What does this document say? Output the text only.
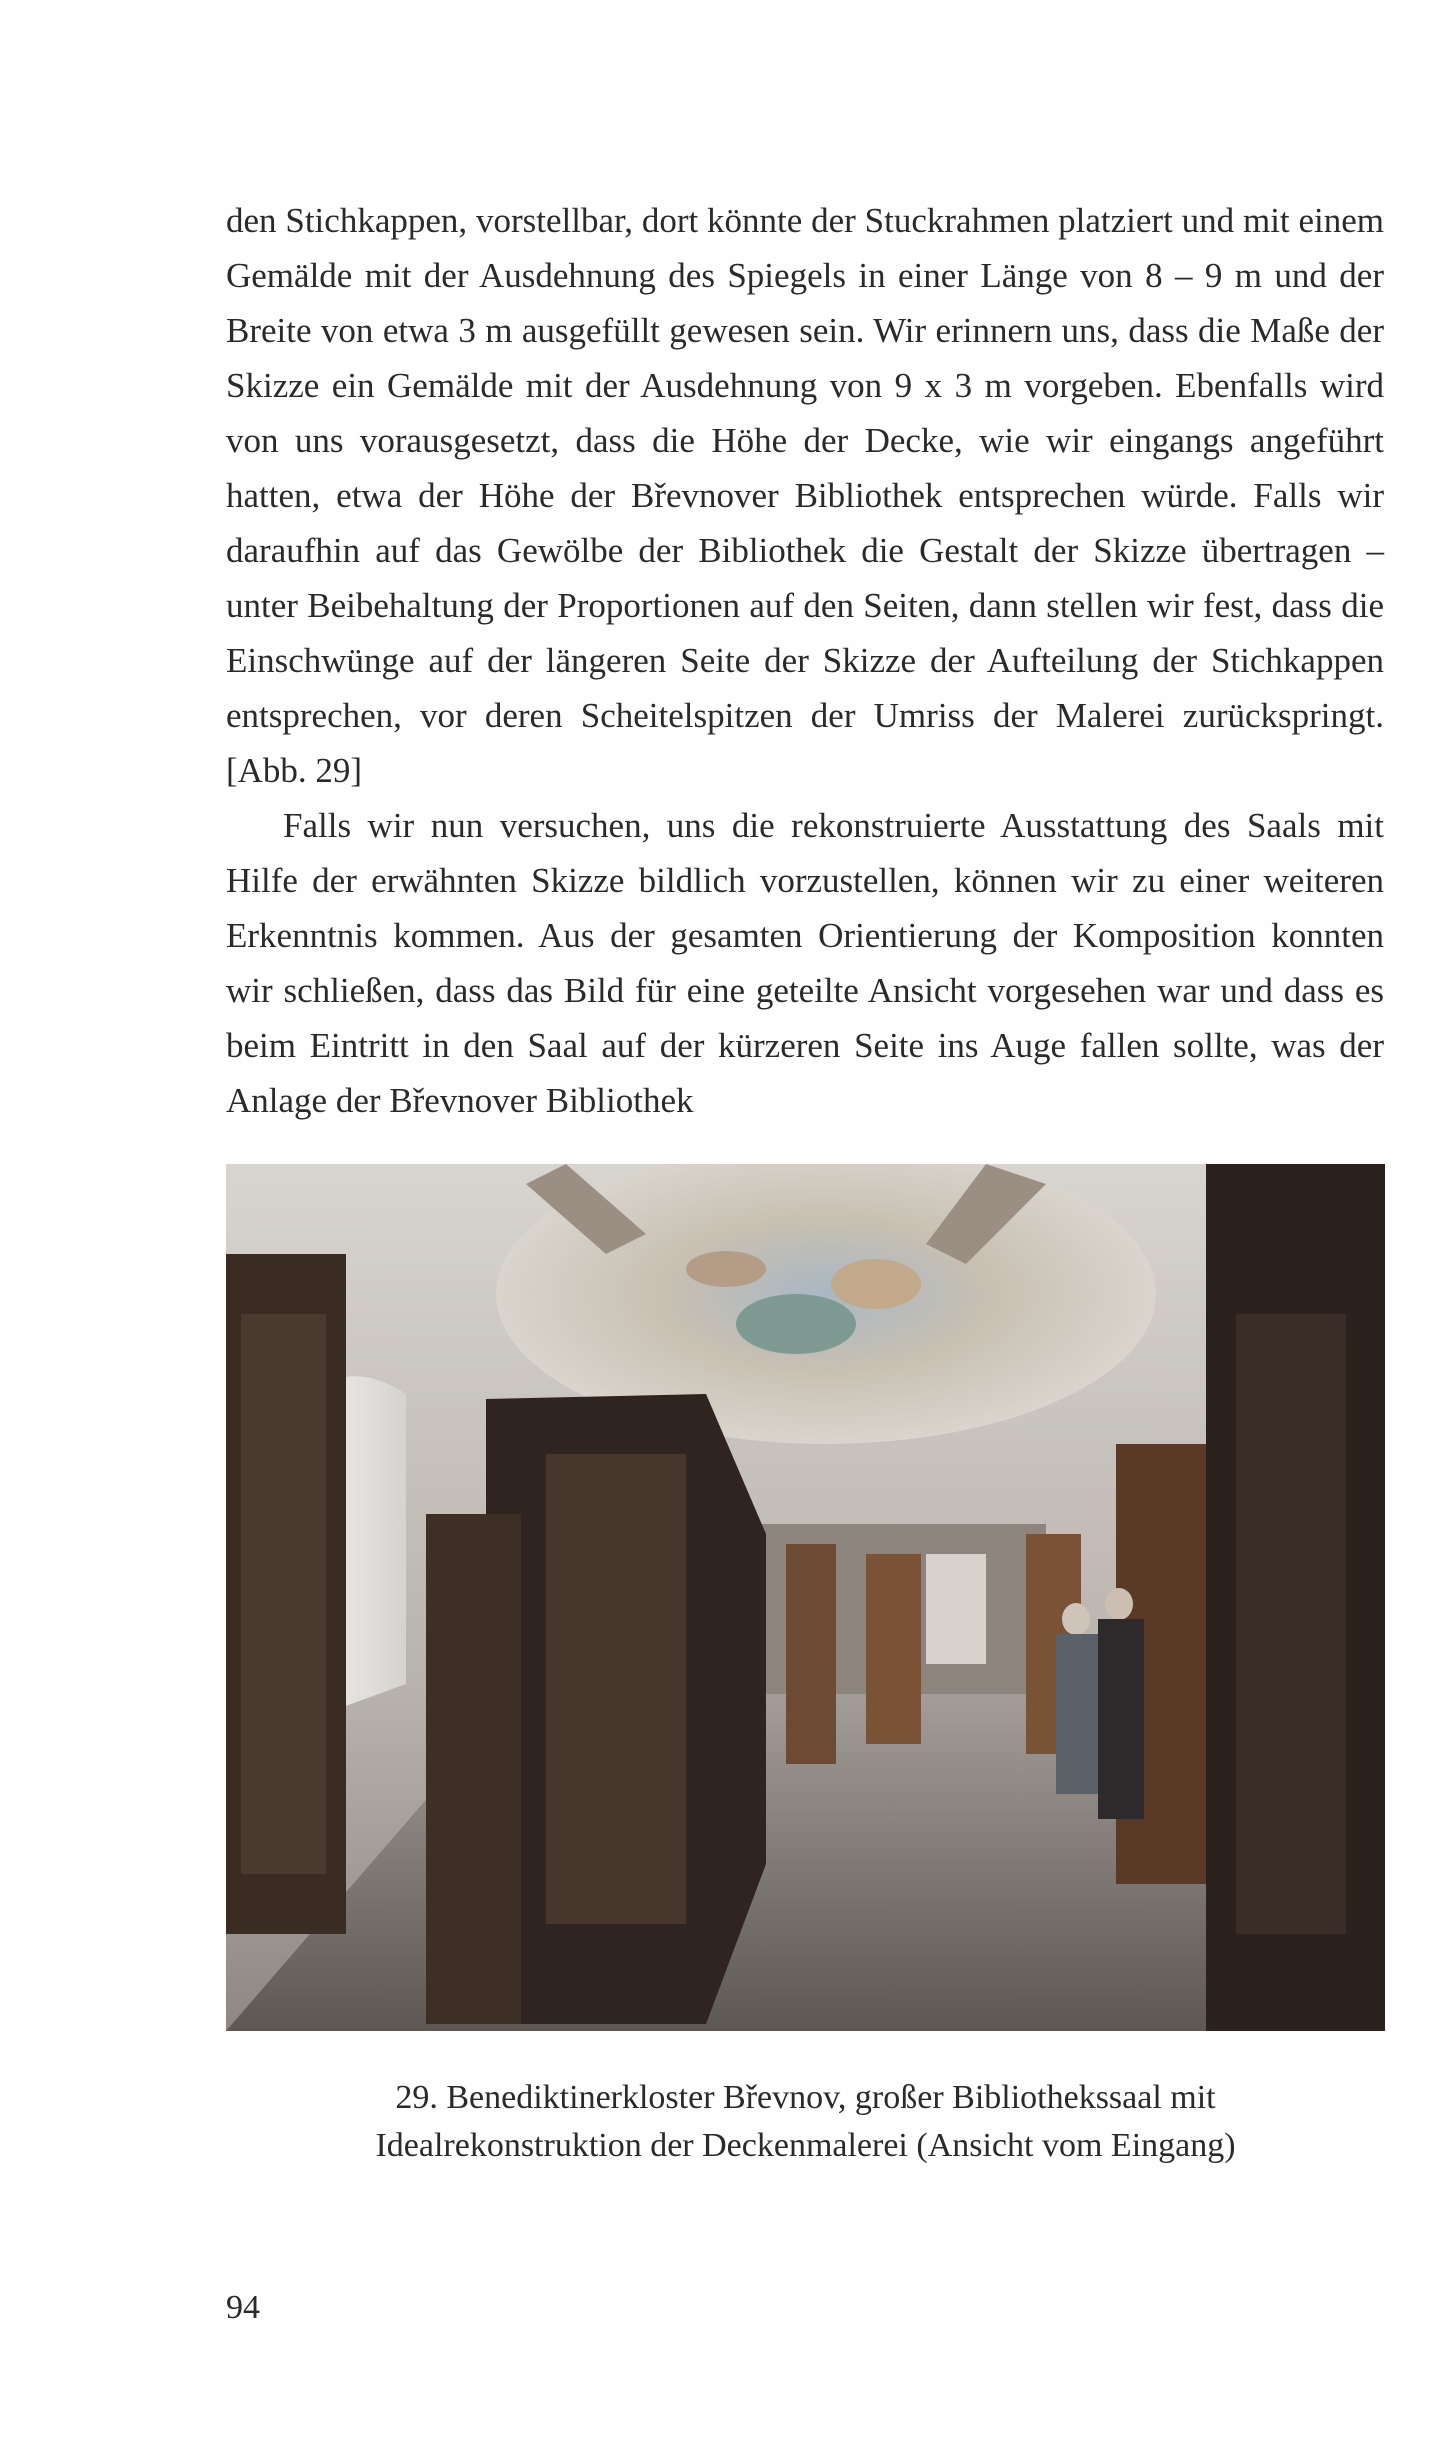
den Stichkappen, vorstellbar, dort könnte der Stuckrahmen platziert und mit einem Gemälde mit der Ausdehnung des Spiegels in einer Länge von 8 – 9 m und der Breite von etwa 3 m ausgefüllt gewesen sein. Wir erinnern uns, dass die Maße der Skizze ein Gemälde mit der Ausdehnung von 9 x 3 m vorgeben. Ebenfalls wird von uns vorausgesetzt, dass die Höhe der Decke, wie wir eingangs angeführt hatten, etwa der Höhe der Břevnover Bibliothek entsprechen würde. Falls wir daraufhin auf das Gewölbe der Bibliothek die Gestalt der Skizze übertragen – unter Beibehaltung der Proportionen auf den Seiten, dann stellen wir fest, dass die Einschwünge auf der längeren Seite der Skizze der Aufteilung der Stichkappen entsprechen, vor deren Scheitelspitzen der Umriss der Malerei zurückspringt. [Abb. 29]

Falls wir nun versuchen, uns die rekonstruierte Ausstattung des Saals mit Hilfe der erwähnten Skizze bildlich vorzustellen, können wir zu einer weiteren Erkenntnis kommen. Aus der gesamten Orientierung der Komposition konnten wir schließen, dass das Bild für eine geteilte Ansicht vorgesehen war und dass es beim Eintritt in den Saal auf der kürzeren Seite ins Auge fallen sollte, was der Anlage der Břevnover Bibliothek

29. Benediktinerkloster Břevnov, großer Bibliothekssaal mit
Idealrekonstruktion der Deckenmalerei (Ansicht vom Eingang)
94
